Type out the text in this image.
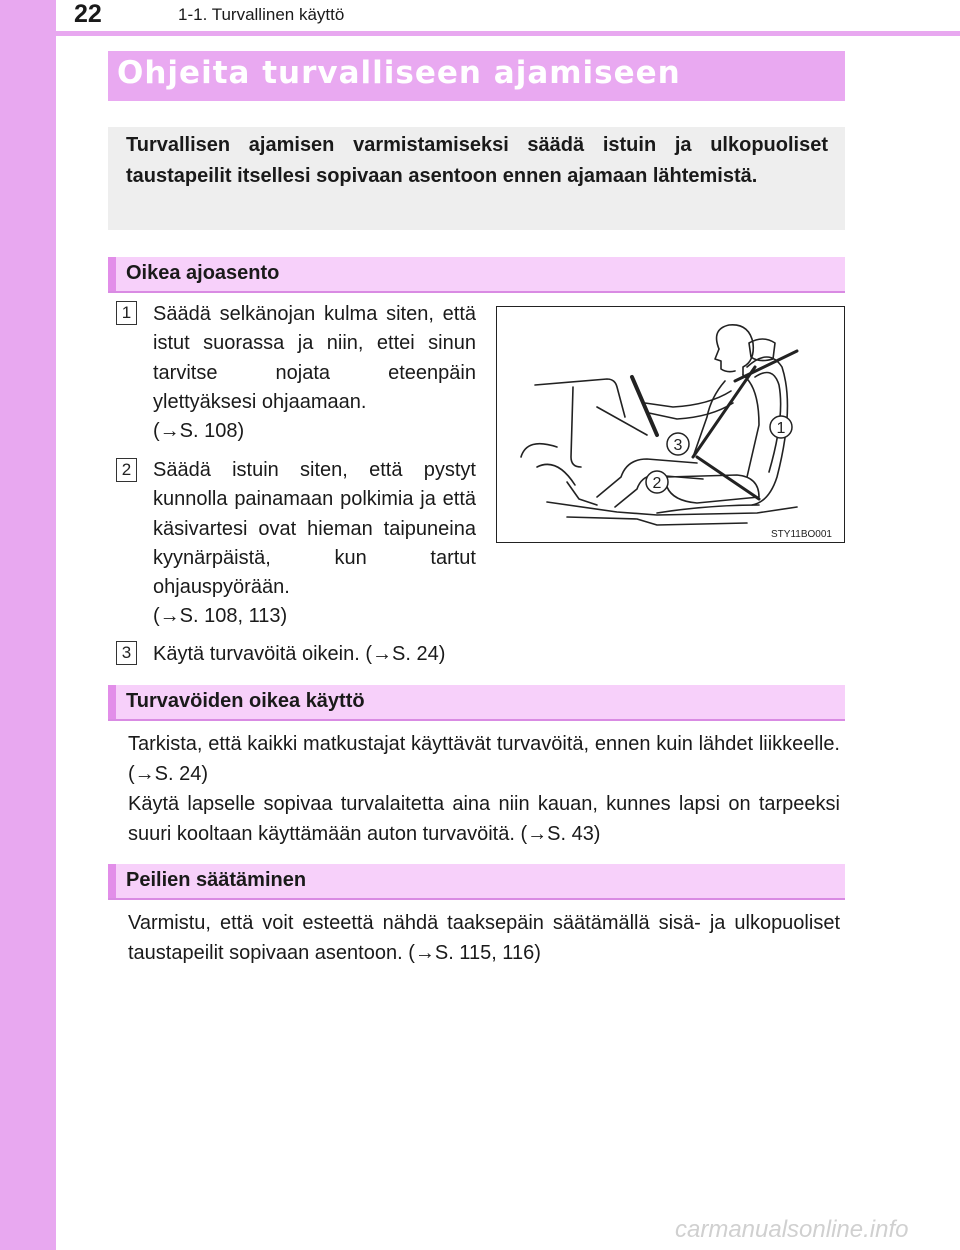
22	1-1. Turvallinen käyttö
Ohjeita turvalliseen ajamiseen
Turvallisen ajamisen varmistamiseksi säädä istuin ja ulkopuoliset taustapeilit itsellesi sopivaan asentoon ennen ajamaan lähtemistä.
Oikea ajoasento
1 Säädä selkänojan kulma siten, että istut suorassa ja niin, ettei sinun tarvitse nojata eteenpäin ylettyäksesi ohjaamaan.
(→S. 108)
2 Säädä istuin siten, että pystyt kunnolla painamaan polkimia ja että käsivartesi ovat hieman taipuneina kyynärpäistä, kun tartut ohjauspyörään.
(→S. 108, 113)
3 Käytä turvavöitä oikein. (→S. 24)
1
3
2
STY11BO001
Turvavöiden oikea käyttö
Tarkista, että kaikki matkustajat käyttävät turvavöitä, ennen kuin lähdet liikkeelle. (→S. 24)
Käytä lapselle sopivaa turvalaitetta aina niin kauan, kunnes lapsi on tarpeeksi suuri kooltaan käyttämään auton turvavöitä. (→S. 43)
Peilien säätäminen
Varmistu, että voit esteettä nähdä taaksepäin säätämällä sisä- ja ulkopuoliset taustapeilit sopivaan asentoon. (→S. 115, 116)
carmanualsonline.info
